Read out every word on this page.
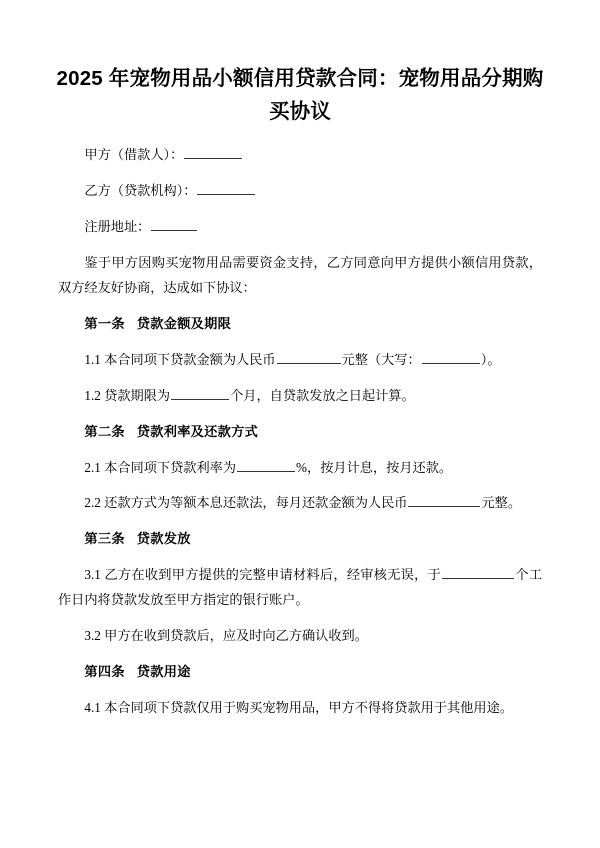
2025 年宠物用品小额信用贷款合同：宠物用品分期购买协议

甲方（借款人）：

乙方（贷款机构）：

注册地址：

鉴于甲方因购买宠物用品需要资金支持，乙方同意向甲方提供小额信用贷款，双方经友好协商，达成如下协议：

第一条 贷款金额及期限

1.1 本合同项下贷款金额为人民币	元整（大写：	）。

1.2 贷款期限为	个月，自贷款发放之日起计算。

第二条 贷款利率及还款方式

2.1 本合同项下贷款利率为	%，按月计息，按月还款。

2.2 还款方式为等额本息还款法，每月还款金额为人民币	元整。

第三条 贷款发放

3.1 乙方在收到甲方提供的完整申请材料后，经审核无误，于	个工作日内将贷款发放至甲方指定的银行账户。

3.2 甲方在收到贷款后，应及时向乙方确认收到。

第四条 贷款用途

4.1 本合同项下贷款仅用于购买宠物用品，甲方不得将贷款用于其他用途。
